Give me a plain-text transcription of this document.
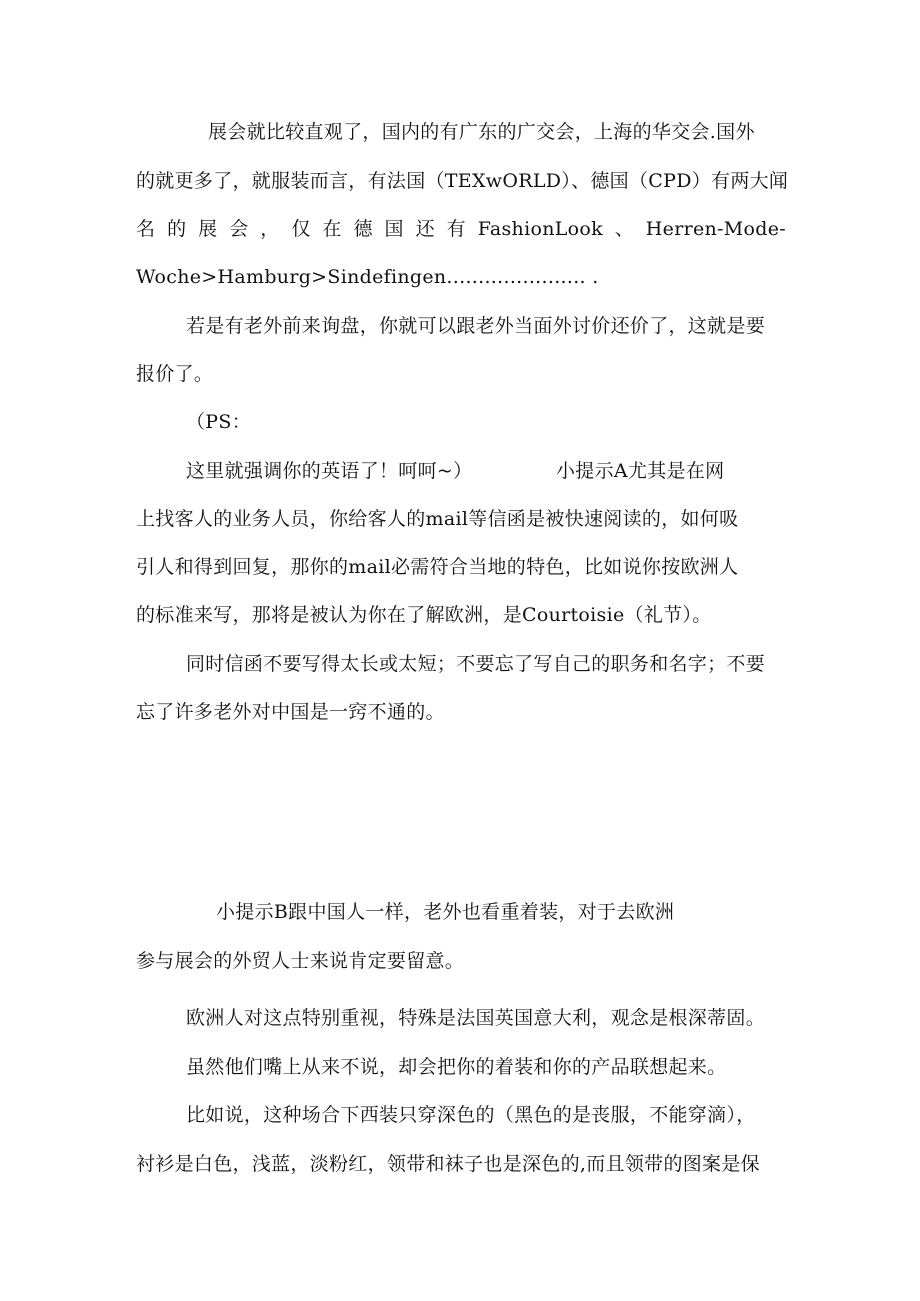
展会就比较直观了，国内的有广东的广交会，上海的华交会.国外
的就更多了，就服装而言，有法国（TEXwORLD）、德国（CPD）有两大闻
名 的 展 会 ， 仅 在 德 国 还 有 FashionLook 、 Herren-Mode-
Woche>Hamburg>Sindefingen...................... .
若是有老外前来询盘，你就可以跟老外当面外讨价还价了，这就是要
报价了。
（PS：
这里就强调你的英语了！呵呵~）	小提示A尤其是在网
上找客人的业务人员，你给客人的mail等信函是被快速阅读的，如何吸
引人和得到回复，那你的mail必需符合当地的特色，比如说你按欧洲人
的标准来写，那将是被认为你在了解欧洲，是Courtoisie（礼节）。
同时信函不要写得太长或太短；不要忘了写自己的职务和名字；不要
忘了许多老外对中国是一窍不通的。
小提示B跟中国人一样，老外也看重着装，对于去欧洲
参与展会的外贸人士来说肯定要留意。
欧洲人对这点特别重视，特殊是法国英国意大利，观念是根深蒂固。
虽然他们嘴上从来不说，却会把你的着装和你的产品联想起来。
比如说，这种场合下西装只穿深色的（黑色的是丧服，不能穿滴），
衬衫是白色，浅蓝，淡粉红，领带和袜子也是深色的,而且领带的图案是保
